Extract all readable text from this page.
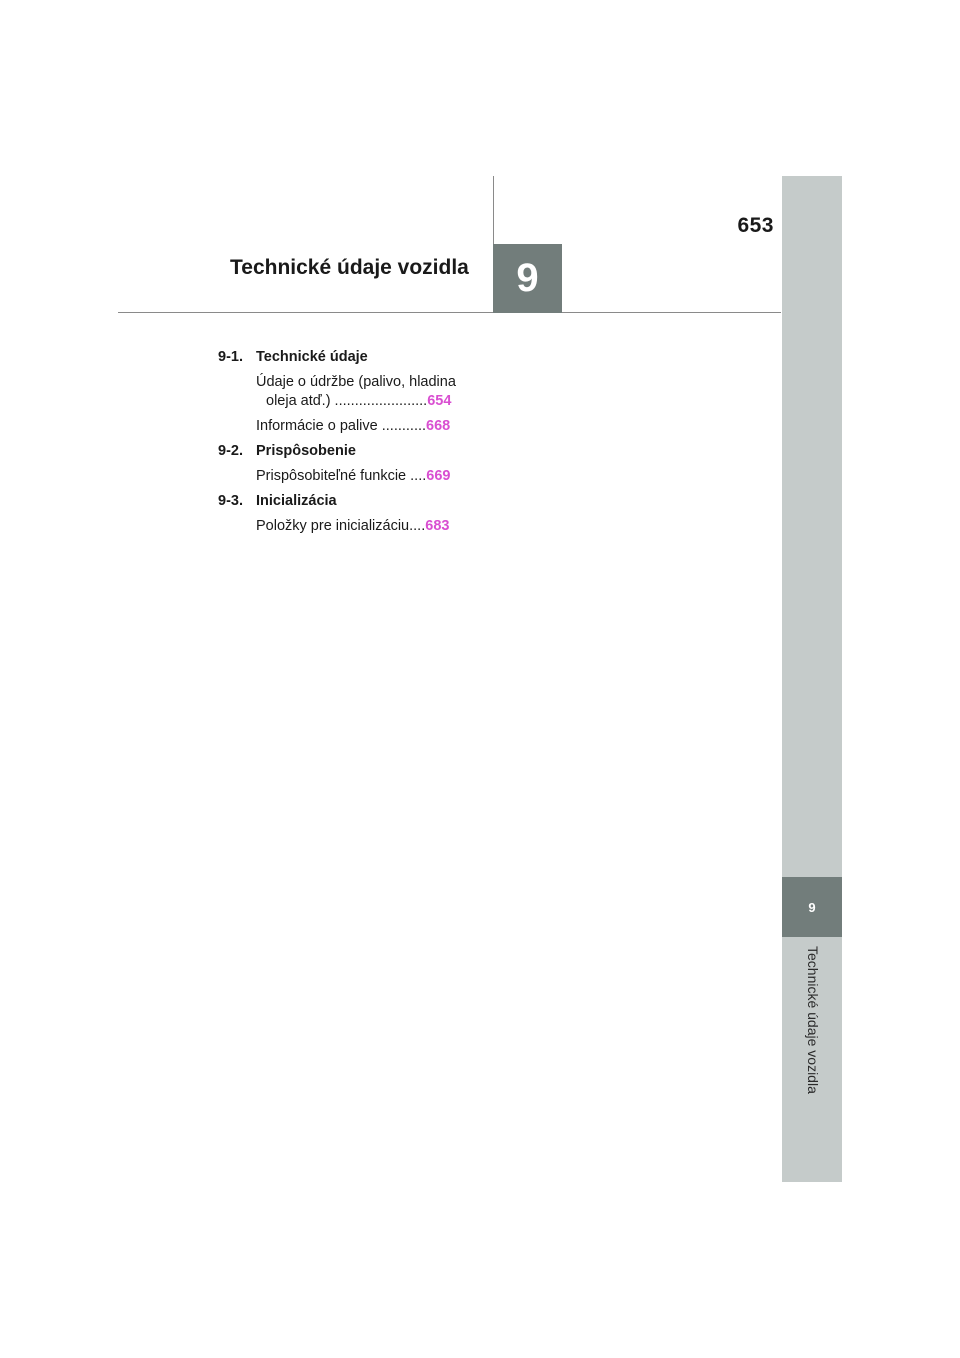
653
Technické údaje vozidla	9
9
Technické údaje vozidla
9-1. Technické údaje
Údaje o údržbe (palivo, hladina
oleja atď.) .......................654
Informácie o palive ...........668
9-2. Prispôsobenie
Prispôsobiteľné funkcie ....669
9-3. Inicializácia
Položky pre inicializáciu....683
